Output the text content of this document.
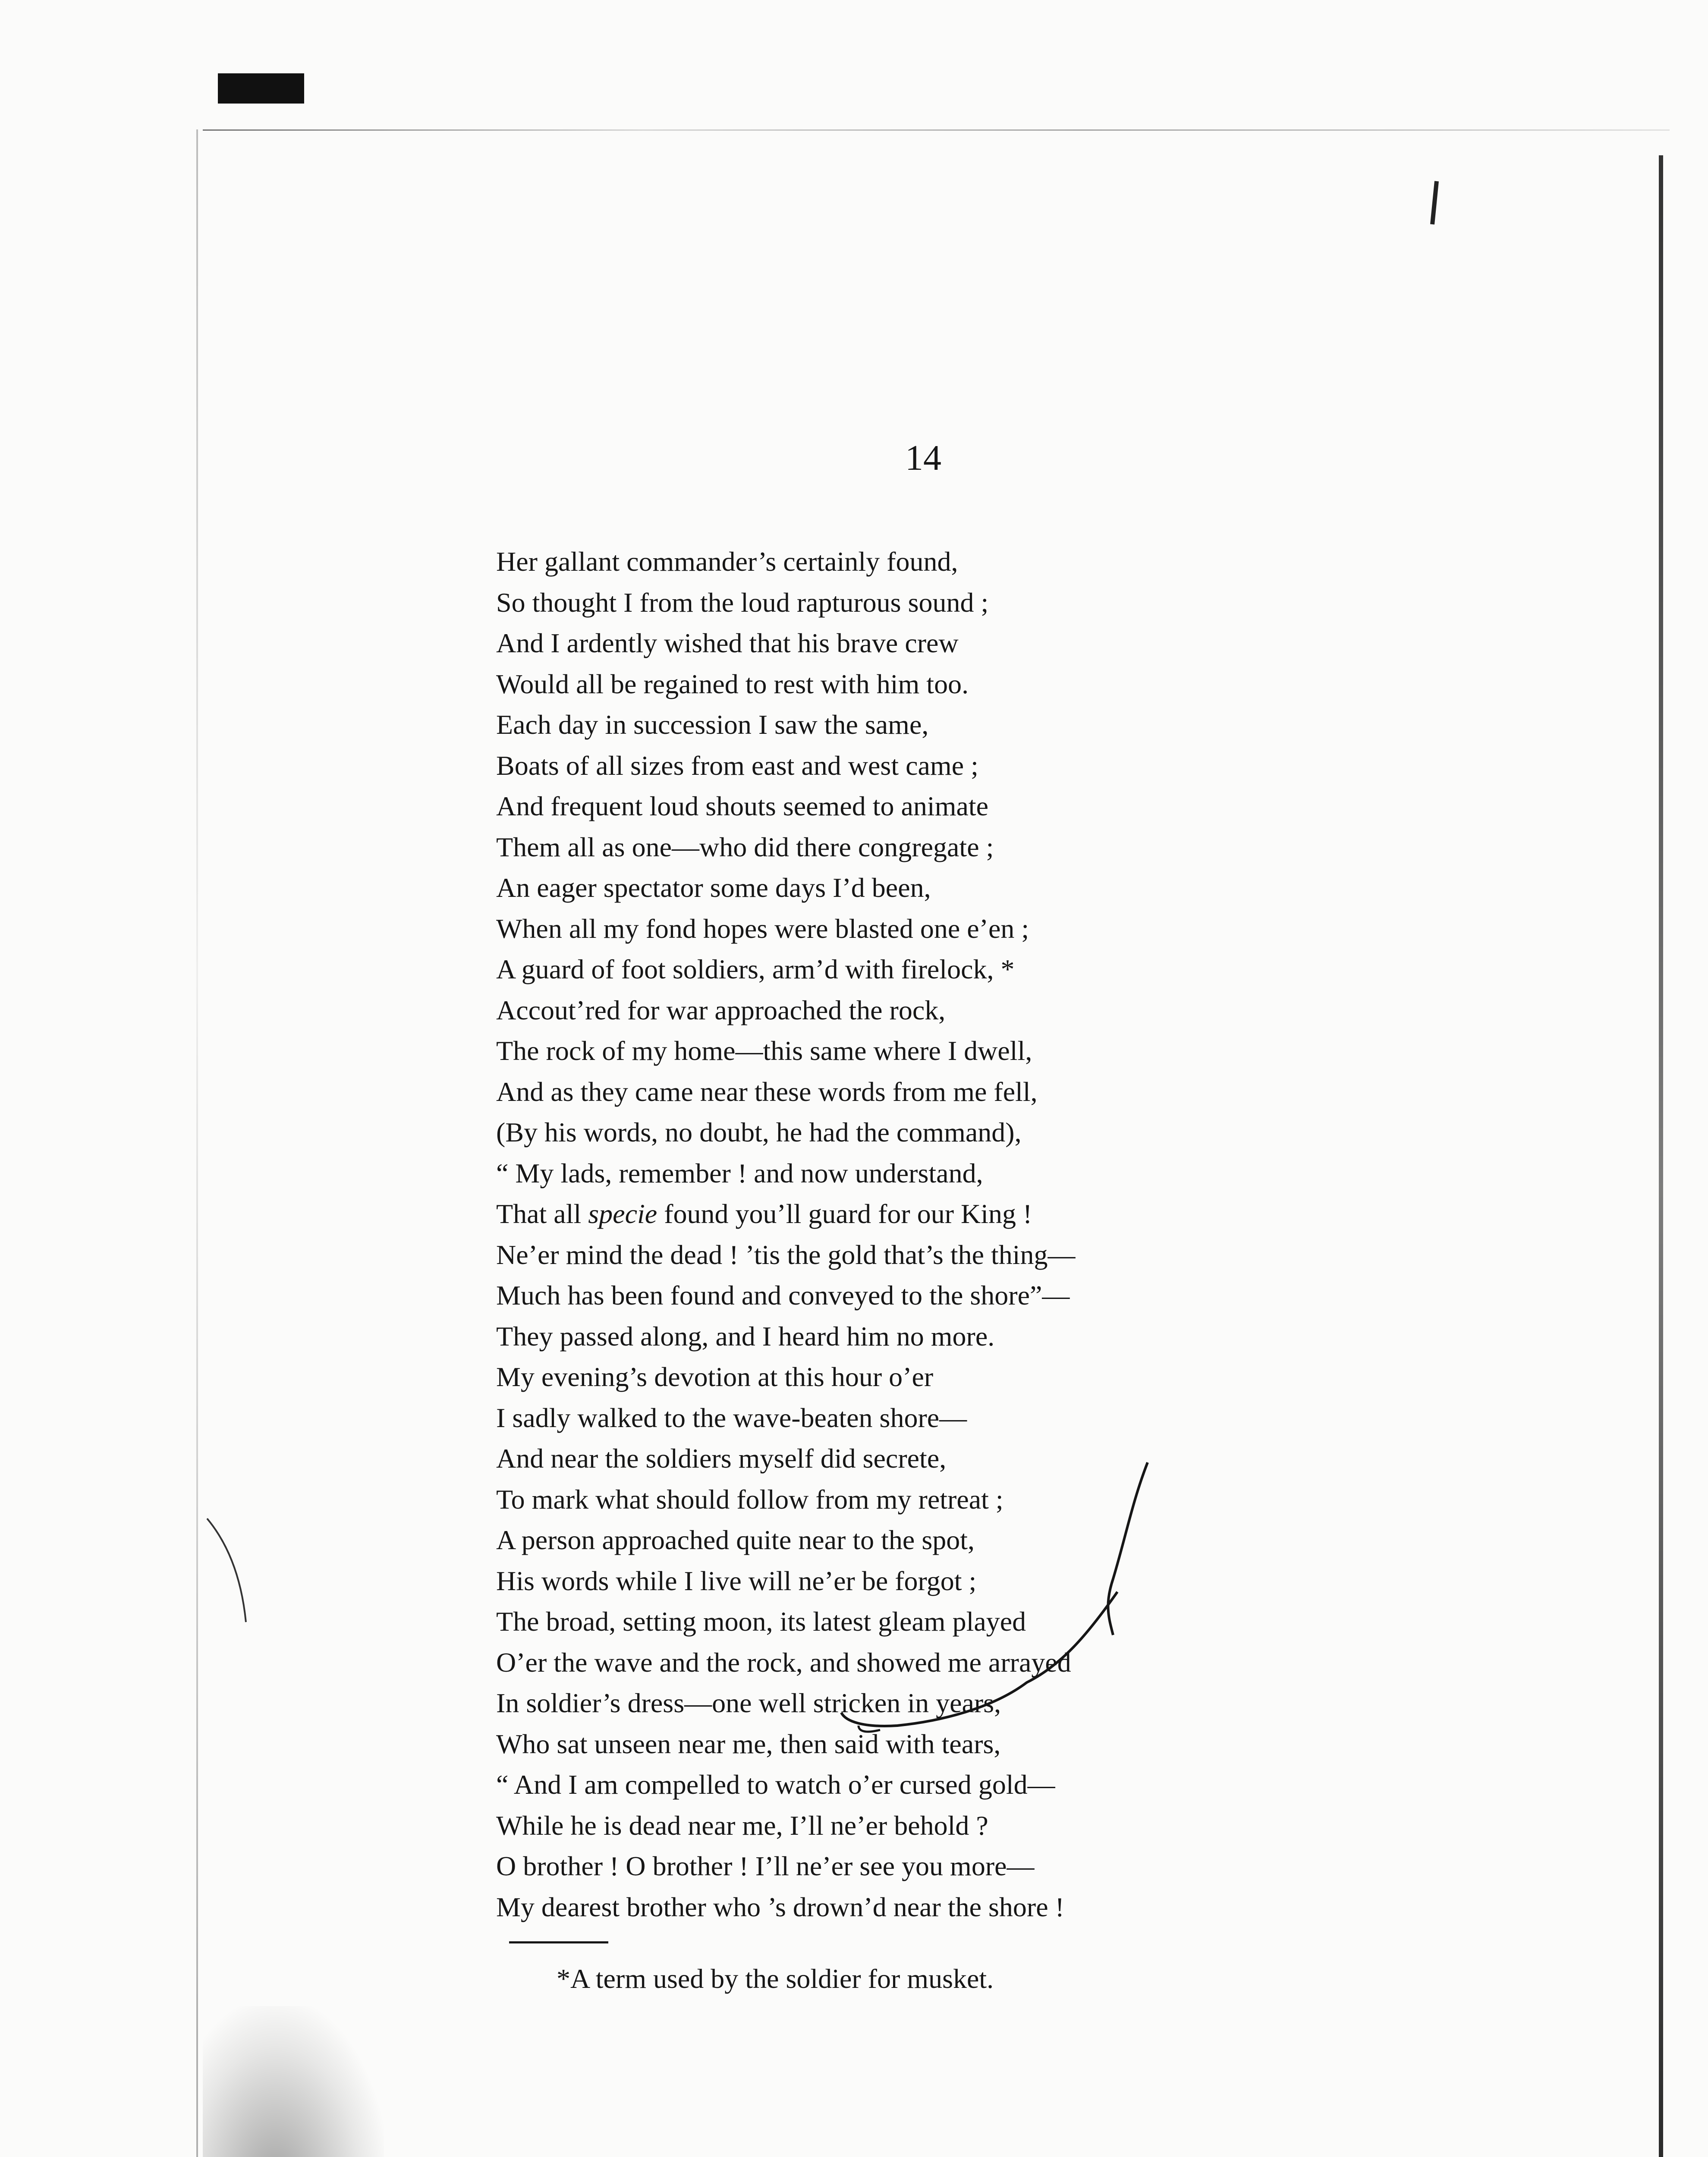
14
Her gallant commander’s certainly found,
So thought I from the loud rapturous sound ;
And I ardently wished that his brave crew
Would all be regained to rest with him too.
Each day in succession I saw the same,
Boats of all sizes from east and west came ;
And frequent loud shouts seemed to animate
Them all as one—who did there congregate ;
An eager spectator some days I’d been,
When all my fond hopes were blasted one e’en ;
A guard of foot soldiers, arm’d with firelock, *
Accout’red for war approached the rock,
The rock of my home—this same where I dwell,
And as they came near these words from me fell,
(By his words, no doubt, he had the command),
“ My lads, remember ! and now understand,
That all specie found you’ll guard for our King !
Ne’er mind the dead ! ’tis the gold that’s the thing—
Much has been found and conveyed to the shore”—
They passed along, and I heard him no more.
My evening’s devotion at this hour o’er
I sadly walked to the wave-beaten shore—
And near the soldiers myself did secrete,
To mark what should follow from my retreat ;
A person approached quite near to the spot,
His words while I live will ne’er be forgot ;
The broad, setting moon, its latest gleam played
O’er the wave and the rock, and showed me arrayed
In soldier’s dress—one well stricken in years,
Who sat unseen near me, then said with tears,
“ And I am compelled to watch o’er cursed gold—
While he is dead near me, I’ll ne’er behold ?
O brother ! O brother ! I’ll ne’er see you more—
My dearest brother who ’s drown’d near the shore !
*A term used by the soldier for musket.
